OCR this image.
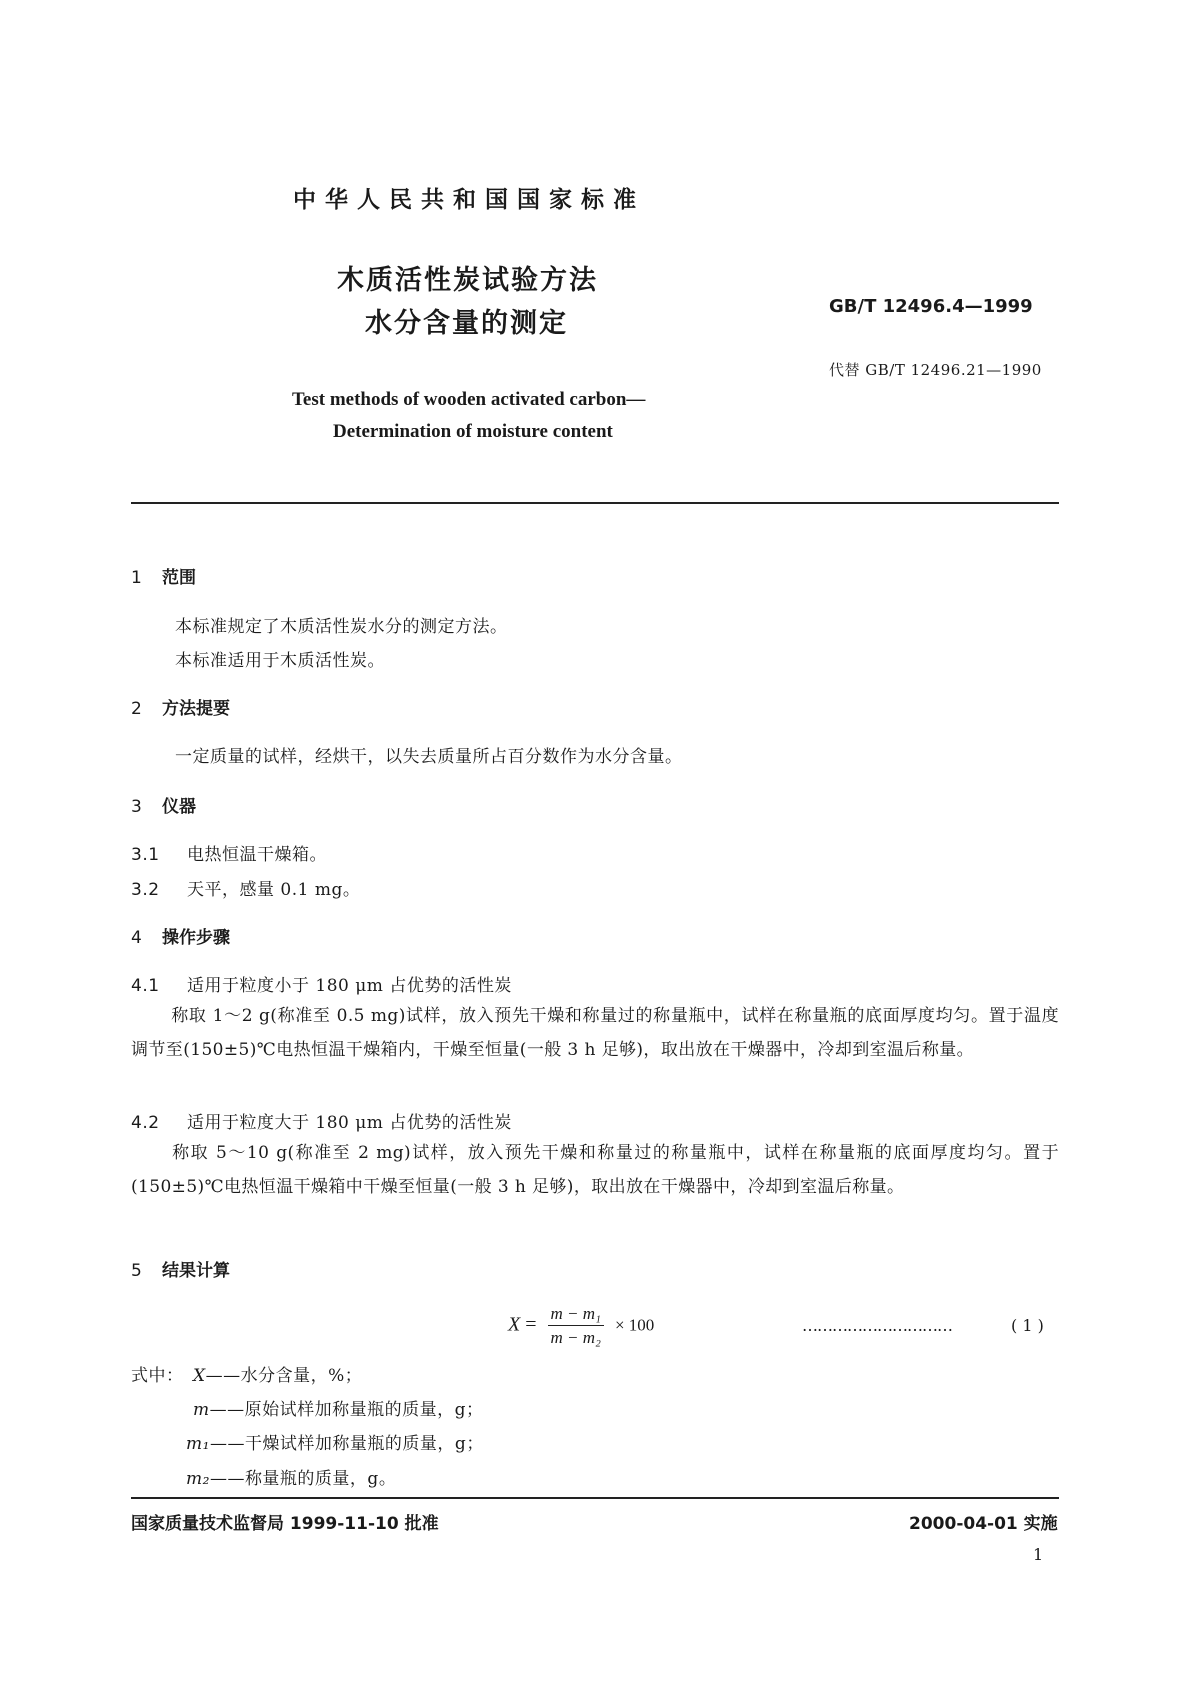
中华人民共和国国家标准
木质活性炭试验方法
水分含量的测定
GB/T 12496.4—1999
代替 GB/T 12496.21—1990
Test methods of wooden activated carbon—
Determination of moisture content
1 范围
本标准规定了木质活性炭水分的测定方法。
本标准适用于木质活性炭。
2 方法提要
一定质量的试样，经烘干，以失去质量所占百分数作为水分含量。
3 仪器
3.1 电热恒温干燥箱。
3.2 天平，感量 0.1 mg。
4 操作步骤
4.1 适用于粒度小于 180 μm 占优势的活性炭
称取 1～2 g(称准至 0.5 mg)试样，放入预先干燥和称量过的称量瓶中，试样在称量瓶的底面厚度均匀。置于温度调节至(150±5)℃电热恒温干燥箱内，干燥至恒量(一般 3 h 足够)，取出放在干燥器中，冷却到室温后称量。
4.2 适用于粒度大于 180 μm 占优势的活性炭
称取 5～10 g(称准至 2 mg)试样，放入预先干燥和称量过的称量瓶中，试样在称量瓶的底面厚度均匀。置于(150±5)℃电热恒温干燥箱中干燥至恒量(一般 3 h 足够)，取出放在干燥器中，冷却到室温后称量。
5 结果计算
$X = \frac{\text{m − m₁}}{\text{m − m₂}} \times 100$	…………………………	( 1 )
式中： X——水分含量，%；
m——原始试样加称量瓶的质量，g；
m₁——干燥试样加称量瓶的质量，g；
m₂——称量瓶的质量，g。
国家质量技术监督局 1999-11-10 批准	2000-04-01 实施
1
